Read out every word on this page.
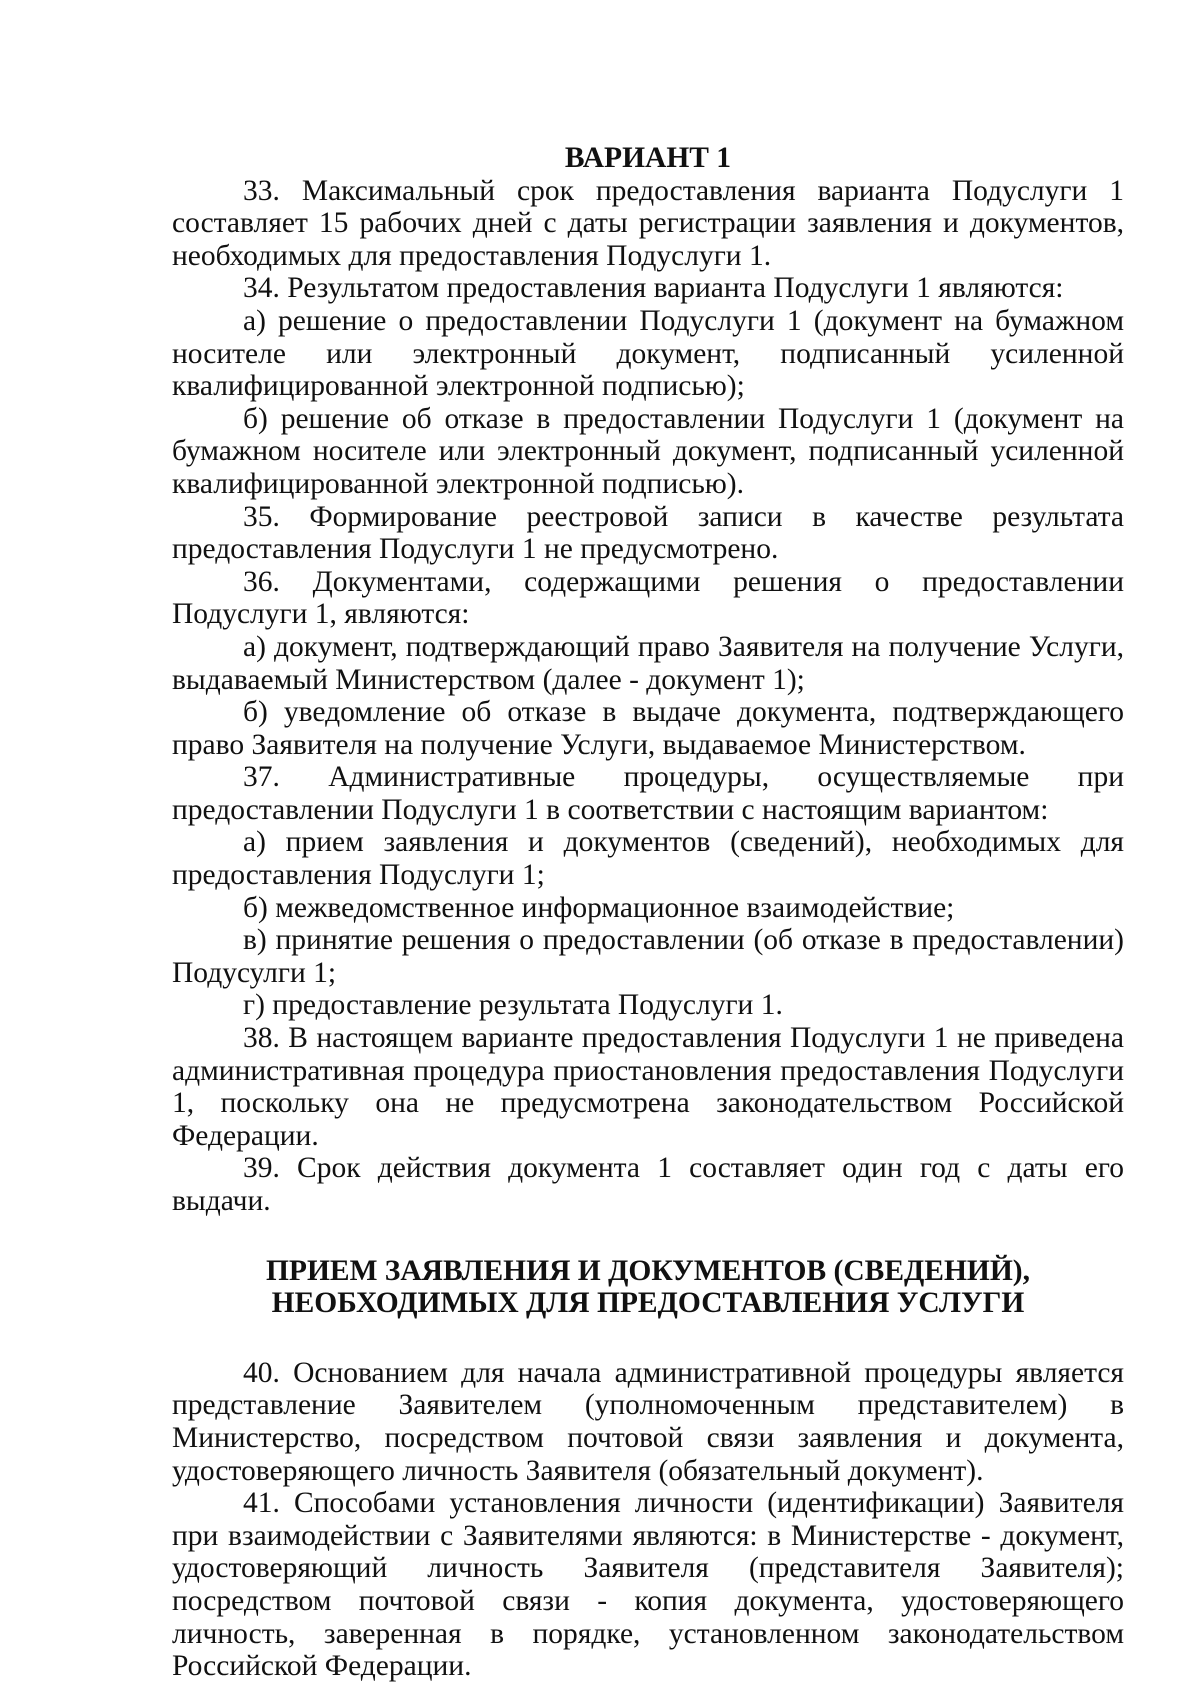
ВАРИАНТ 1

33. Максимальный срок предоставления варианта Подуслуги 1 составляет 15 рабочих дней с даты регистрации заявления и документов, необходимых для предоставления Подуслуги 1.

34. Результатом предоставления варианта Подуслуги 1 являются:

а) решение о предоставлении Подуслуги 1 (документ на бумажном носителе или электронный документ, подписанный усиленной квалифицированной электронной подписью);

б) решение об отказе в предоставлении Подуслуги 1 (документ на бумажном носителе или электронный документ, подписанный усиленной квалифицированной электронной подписью).

35. Формирование реестровой записи в качестве результата предоставления Подуслуги 1 не предусмотрено.

36. Документами, содержащими решения о предоставлении Подуслуги 1, являются:

а) документ, подтверждающий право Заявителя на получение Услуги, выдаваемый Министерством (далее - документ 1);

б) уведомление об отказе в выдаче документа, подтверждающего право Заявителя на получение Услуги, выдаваемое Министерством.

37. Административные процедуры, осуществляемые при предоставлении Подуслуги 1 в соответствии с настоящим вариантом:

а) прием заявления и документов (сведений), необходимых для предоставления Подуслуги 1;

б) межведомственное информационное взаимодействие;

в) принятие решения о предоставлении (об отказе в предоставлении) Подусулги 1;

г) предоставление результата Подуслуги 1.

38. В настоящем варианте предоставления Подуслуги 1 не приведена административная процедура приостановления предоставления Подуслуги 1, поскольку она не предусмотрена законодательством Российской Федерации.

39. Срок действия документа 1 составляет один год с даты его выдачи.

ПРИЕМ ЗАЯВЛЕНИЯ И ДОКУМЕНТОВ (СВЕДЕНИЙ),
НЕОБХОДИМЫХ ДЛЯ ПРЕДОСТАВЛЕНИЯ УСЛУГИ

40. Основанием для начала административной процедуры является представление Заявителем (уполномоченным представителем) в Министерство, посредством почтовой связи заявления и документа, удостоверяющего личность Заявителя (обязательный документ).

41. Способами установления личности (идентификации) Заявителя при взаимодействии с Заявителями являются: в Министерстве - документ, удостоверяющий личность Заявителя (представителя Заявителя); посредством почтовой связи - копия документа, удостоверяющего личность, заверенная в порядке, установленном законодательством Российской Федерации.
